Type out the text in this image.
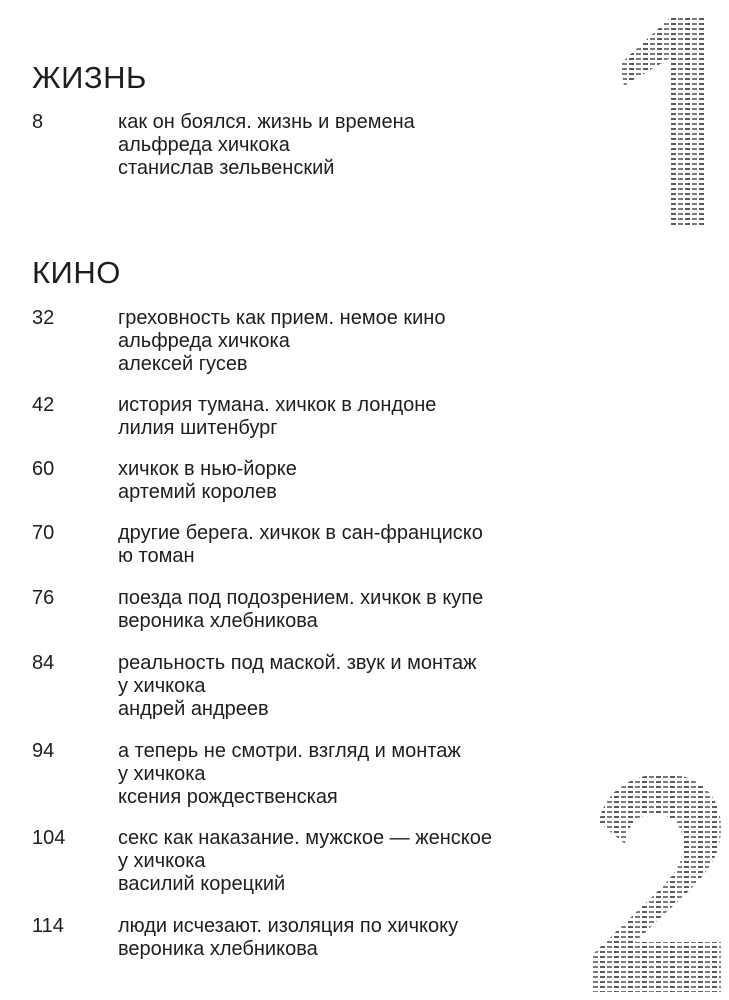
ЖИЗНЬ
8	как он боялся. жизнь и времена
альфреда хичкока
станислав зельвенский
КИНО
32	греховность как прием. немое кино
альфреда хичкока
алексей гусев
42	история тумана. хичкок в лондоне
лилия шитенбург
60	хичкок в нью-йорке
артемий королев
70	другие берега. хичкок в сан-франциско
ю томан
76	поезда под подозрением. хичкок в купе
вероника хлебникова
84	реальность под маской. звук и монтаж
у хичкока
андрей андреев
94	а теперь не смотри. взгляд и монтаж
у хичкока
ксения рождественская
104	секс как наказание. мужское — женское
у хичкока
василий корецкий
114	люди исчезают. изоляция по хичкоку
вероника хлебникова
